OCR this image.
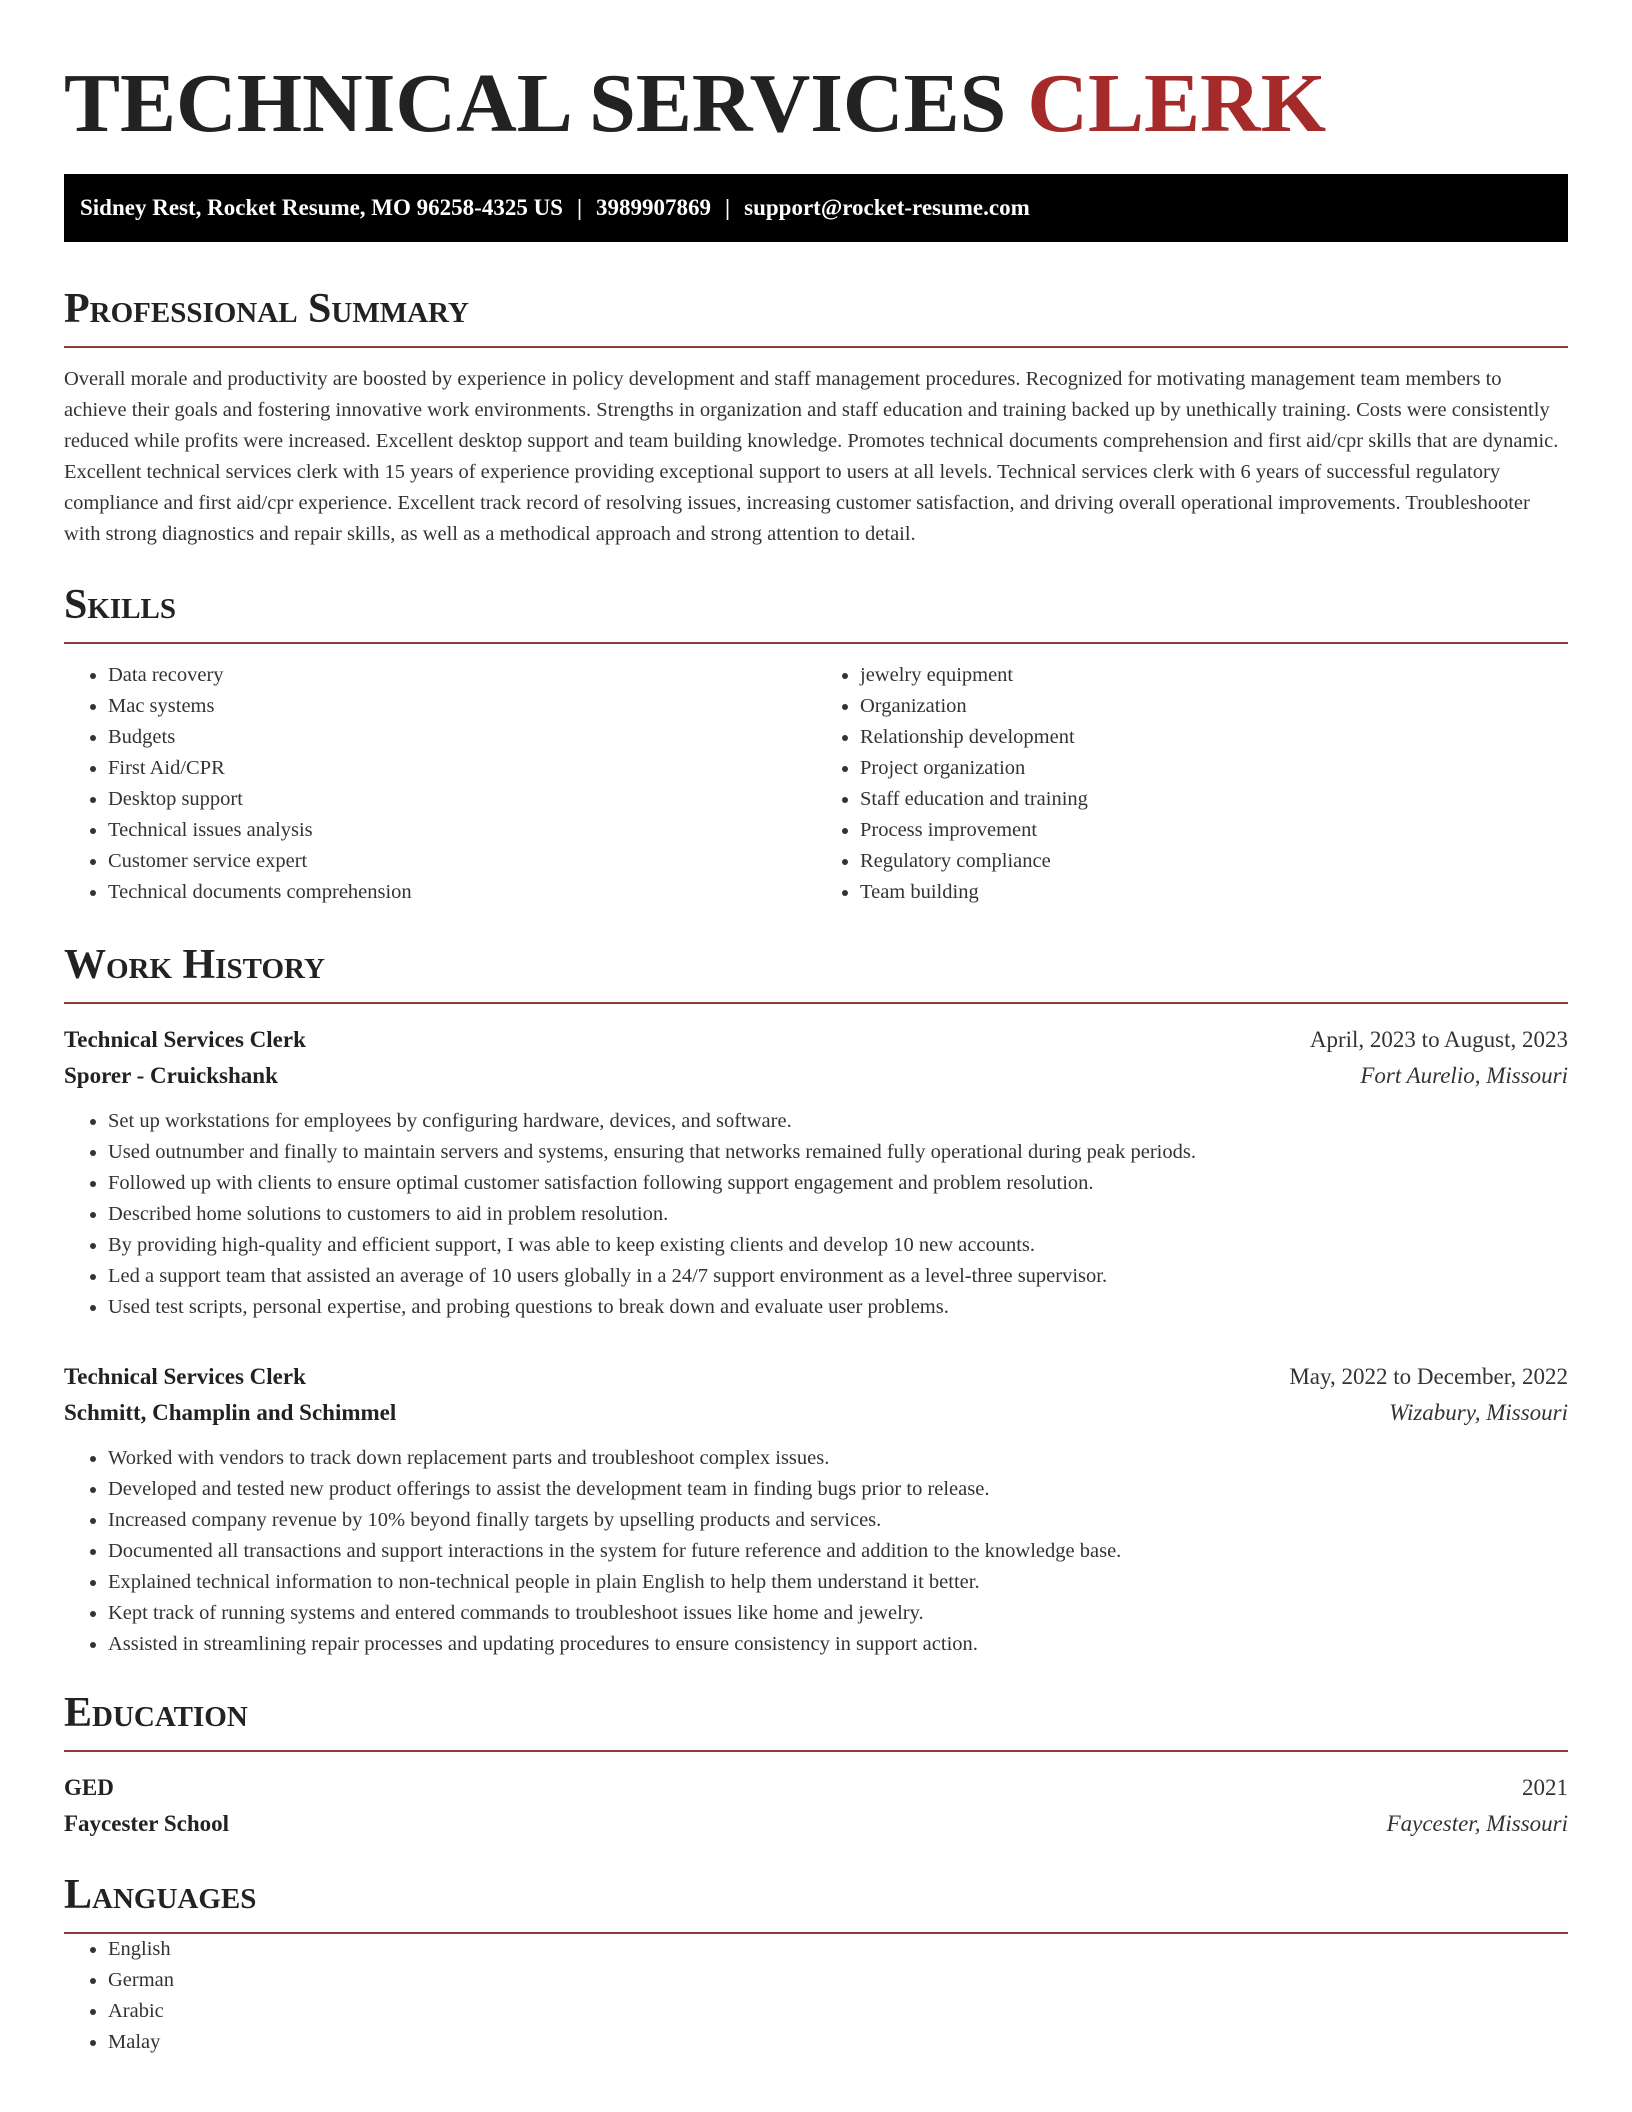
TECHNICAL SERVICES CLERK
Sidney Rest, Rocket Resume, MO 96258-4325 US | 3989907869 | support@rocket-resume.com
Professional Summary

Overall morale and productivity are boosted by experience in policy development and staff management procedures. Recognized for motivating management team members to achieve their goals and fostering innovative work environments. Strengths in organization and staff education and training backed up by unethically training. Costs were consistently reduced while profits were increased. Excellent desktop support and team building knowledge. Promotes technical documents comprehension and first aid/cpr skills that are dynamic. Excellent technical services clerk with 15 years of experience providing exceptional support to users at all levels. Technical services clerk with 6 years of successful regulatory compliance and first aid/cpr experience. Excellent track record of resolving issues, increasing customer satisfaction, and driving overall operational improvements. Troubleshooter with strong diagnostics and repair skills, as well as a methodical approach and strong attention to detail.

Skills
• Data recovery
• Mac systems
• Budgets
• First Aid/CPR
• Desktop support
• Technical issues analysis
• Customer service expert
• Technical documents comprehension
• jewelry equipment
• Organization
• Relationship development
• Project organization
• Staff education and training
• Process improvement
• Regulatory compliance
• Team building
Work History
Technical Services Clerk	April, 2023 to August, 2023
Sporer - Cruickshank	Fort Aurelio, Missouri
• Set up workstations for employees by configuring hardware, devices, and software.
• Used outnumber and finally to maintain servers and systems, ensuring that networks remained fully operational during peak periods.
• Followed up with clients to ensure optimal customer satisfaction following support engagement and problem resolution.
• Described home solutions to customers to aid in problem resolution.
• By providing high-quality and efficient support, I was able to keep existing clients and develop 10 new accounts.
• Led a support team that assisted an average of 10 users globally in a 24/7 support environment as a level-three supervisor.
• Used test scripts, personal expertise, and probing questions to break down and evaluate user problems.
Technical Services Clerk	May, 2022 to December, 2022
Schmitt, Champlin and Schimmel	Wizabury, Missouri
• Worked with vendors to track down replacement parts and troubleshoot complex issues.
• Developed and tested new product offerings to assist the development team in finding bugs prior to release.
• Increased company revenue by 10% beyond finally targets by upselling products and services.
• Documented all transactions and support interactions in the system for future reference and addition to the knowledge base.
• Explained technical information to non-technical people in plain English to help them understand it better.
• Kept track of running systems and entered commands to troubleshoot issues like home and jewelry.
• Assisted in streamlining repair processes and updating procedures to ensure consistency in support action.
Education
GED	2021
Faycester School	Faycester, Missouri
Languages
• English
• German
• Arabic
• Malay
